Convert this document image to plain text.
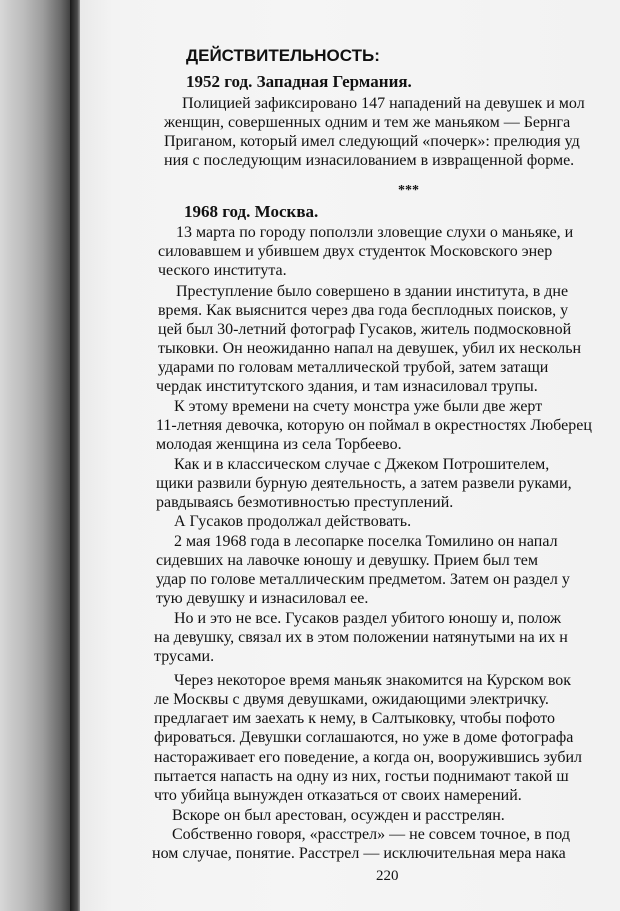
ДЕЙСТВИТЕЛЬНОСТЬ:
1952 год. Западная Германия.
Полицией зафиксировано 147 нападений на девушек и мол
женщин, совершенных одним и тем же маньяком — Бернга
Приганом, который имел следующий «почерк»: прелюдия уд
ния с последующим изнасилованием в извращенной форме.
***
1968 год. Москва.
13 марта по городу поползли зловещие слухи о маньяке, и
силовавшем и убившем двух студенток Московского энер
ческого института.
Преступление было совершено в здании института, в дне
время. Как выяснится через два года бесплодных поисков, у
цей был 30-летний фотограф Гусаков, житель подмосковной
тыковки. Он неожиданно напал на девушек, убил их нескольн
ударами по головам металлической трубой, затем затащи
чердак институтского здания, и там изнасиловал трупы.
К этому времени на счету монстра уже были две жерт
11-летняя девочка, которую он поймал в окрестностях Люберец
молодая женщина из села Торбеево.
Как и в классическом случае с Джеком Потрошителем,
щики развили бурную деятельность, а затем развели руками,
равдываясь безмотивностью преступлений.
А Гусаков продолжал действовать.
2 мая 1968 года в лесопарке поселка Томилино он напал
сидевших на лавочке юношу и девушку. Прием был тем
удар по голове металлическим предметом. Затем он раздел у
тую девушку и изнасиловал ее.
Но и это не все. Гусаков раздел убитого юношу и, полож
на девушку, связал их в этом положении натянутыми на их н
трусами.
Через некоторое время маньяк знакомится на Курском вок
ле Москвы с двумя девушками, ожидающими электричку.
предлагает им заехать к нему, в Салтыковку, чтобы пофото
фироваться. Девушки соглашаются, но уже в доме фотографа
настораживает его поведение, а когда он, вооружившись зубил
пытается напасть на одну из них, гостьи поднимают такой ш
что убийца вынужден отказаться от своих намерений.
Вскоре он был арестован, осужден и расстрелян.
Собственно говоря, «расстрел» — не совсем точное, в под
ном случае, понятие. Расстрел — исключительная мера нака
220
